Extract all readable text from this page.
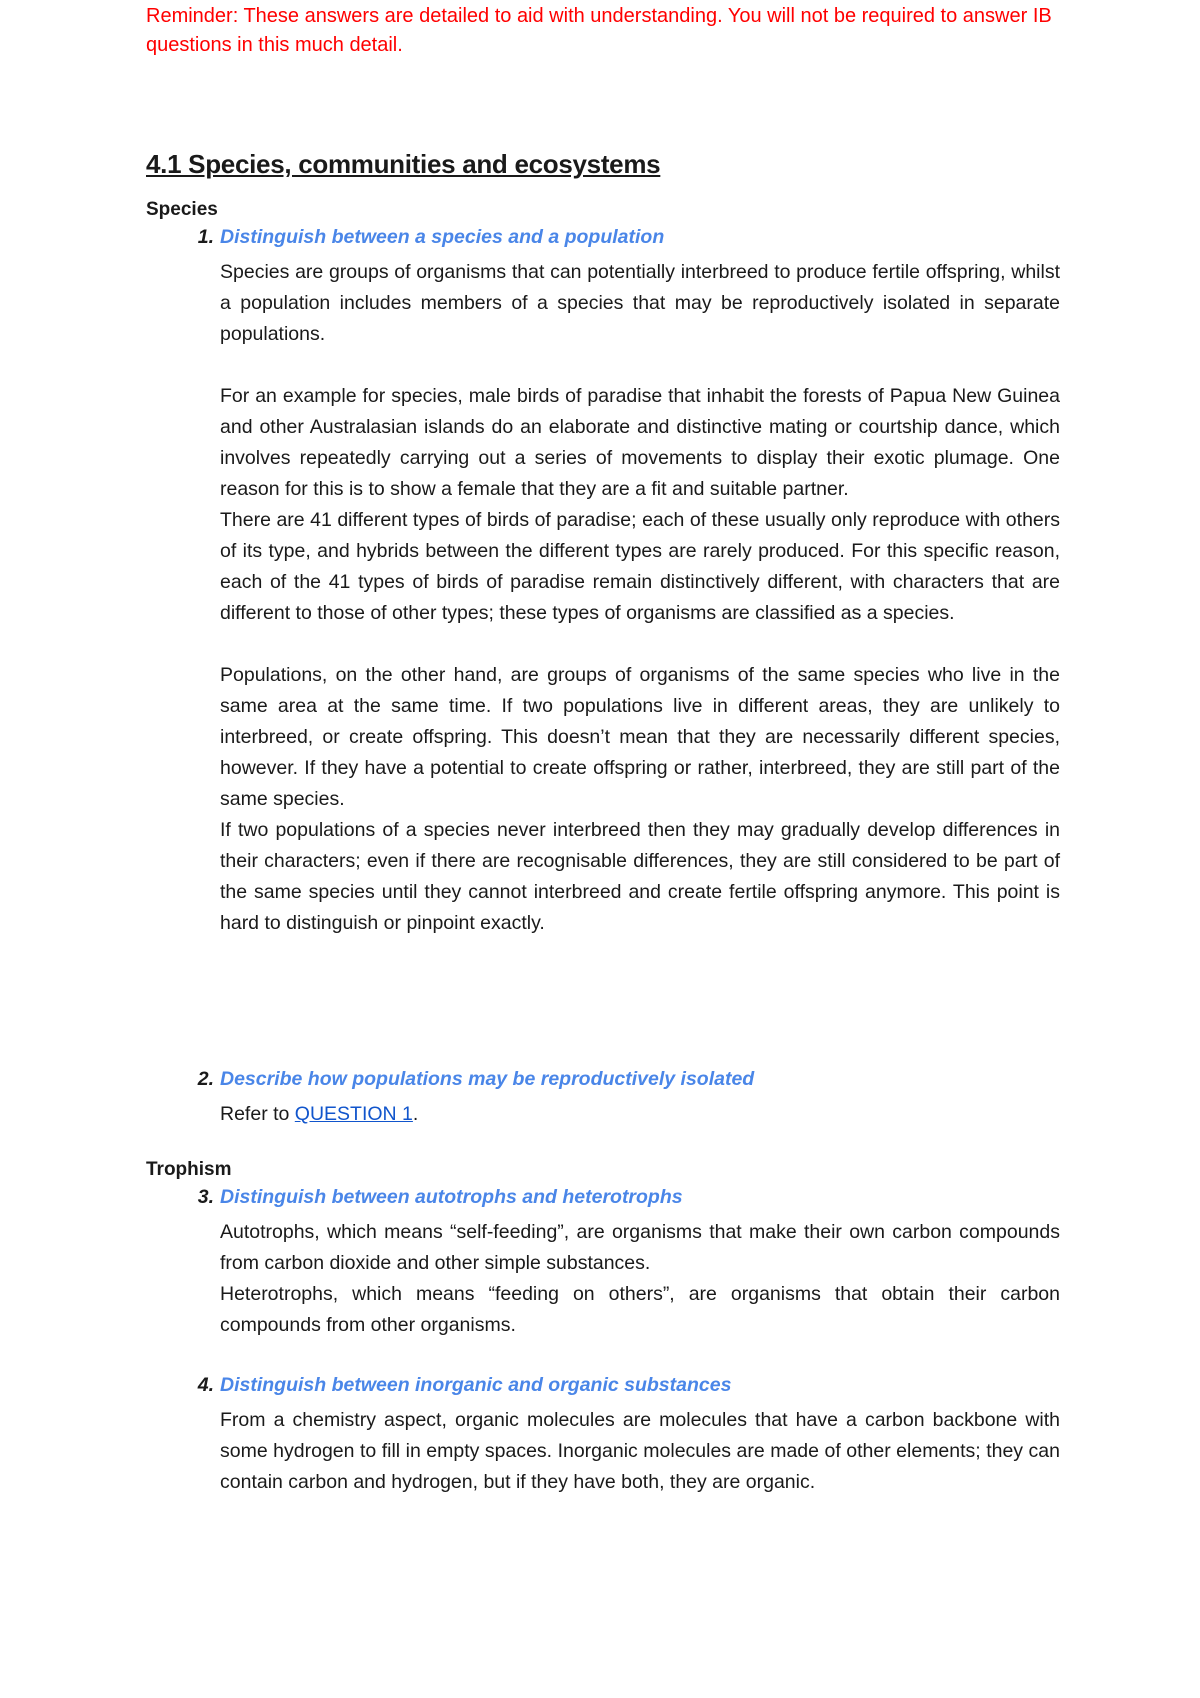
Reminder: These answers are detailed to aid with understanding. You will not be required to answer IB questions in this much detail.
4.1 Species, communities and ecosystems
Species
1. Distinguish between a species and a population

Species are groups of organisms that can potentially interbreed to produce fertile offspring, whilst a population includes members of a species that may be reproductively isolated in separate populations.

For an example for species, male birds of paradise that inhabit the forests of Papua New Guinea and other Australasian islands do an elaborate and distinctive mating or courtship dance, which involves repeatedly carrying out a series of movements to display their exotic plumage. One reason for this is to show a female that they are a fit and suitable partner.

There are 41 different types of birds of paradise; each of these usually only reproduce with others of its type, and hybrids between the different types are rarely produced. For this specific reason, each of the 41 types of birds of paradise remain distinctively different, with characters that are different to those of other types; these types of organisms are classified as a species.

Populations, on the other hand, are groups of organisms of the same species who live in the same area at the same time. If two populations live in different areas, they are unlikely to interbreed, or create offspring. This doesn’t mean that they are necessarily different species, however. If they have a potential to create offspring or rather, interbreed, they are still part of the same species.

If two populations of a species never interbreed then they may gradually develop differences in their characters; even if there are recognisable differences, they are still considered to be part of the same species until they cannot interbreed and create fertile offspring anymore. This point is hard to distinguish or pinpoint exactly.

2. Describe how populations may be reproductively isolated

Refer to QUESTION 1.

Trophism
3. Distinguish between autotrophs and heterotrophs

Autotrophs, which means “self-feeding”, are organisms that make their own carbon compounds from carbon dioxide and other simple substances.

Heterotrophs, which means “feeding on others”, are organisms that obtain their carbon compounds from other organisms.

4. Distinguish between inorganic and organic substances

From a chemistry aspect, organic molecules are molecules that have a carbon backbone with some hydrogen to fill in empty spaces. Inorganic molecules are made of other elements; they can contain carbon and hydrogen, but if they have both, they are organic.
